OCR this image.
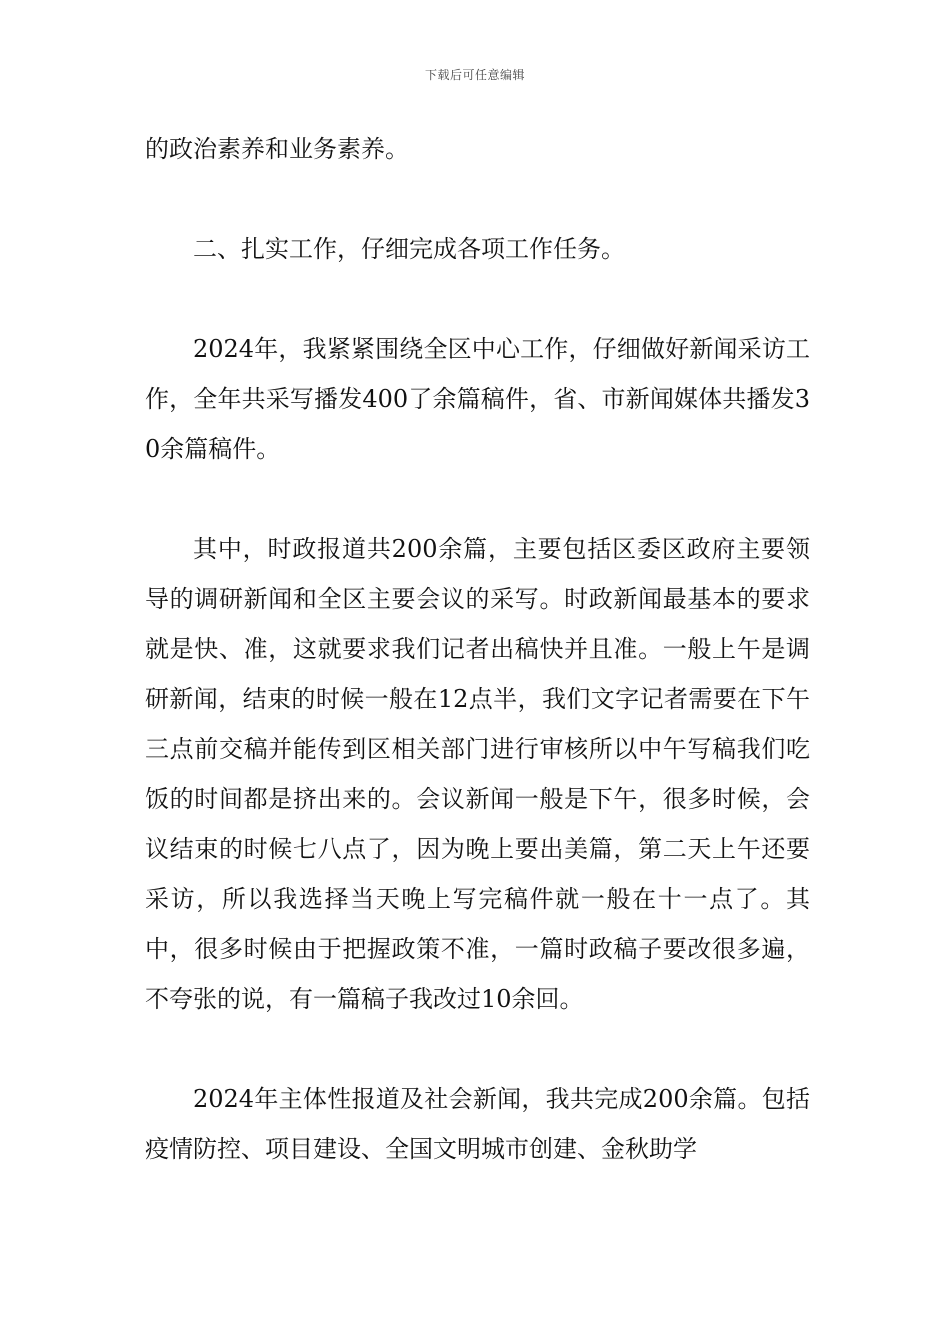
下载后可任意编辑

的政治素养和业务素养。

二、扎实工作，仔细完成各项工作任务。

2024年，我紧紧围绕全区中心工作，仔细做好新闻采访工作，全年共采写播发400了余篇稿件，省、市新闻媒体共播发30余篇稿件。

其中，时政报道共200余篇，主要包括区委区政府主要领导的调研新闻和全区主要会议的采写。时政新闻最基本的要求就是快、准，这就要求我们记者出稿快并且准。一般上午是调研新闻，结束的时候一般在12点半，我们文字记者需要在下午三点前交稿并能传到区相关部门进行审核所以中午写稿我们吃饭的时间都是挤出来的。会议新闻一般是下午，很多时候，会议结束的时候七八点了，因为晚上要出美篇，第二天上午还要采访，所以我选择当天晚上写完稿件就一般在十一点了。其中，很多时候由于把握政策不准，一篇时政稿子要改很多遍，不夸张的说，有一篇稿子我改过10余回。

2024年主体性报道及社会新闻，我共完成200余篇。包括疫情防控、项目建设、全国文明城市创建、金秋助学
